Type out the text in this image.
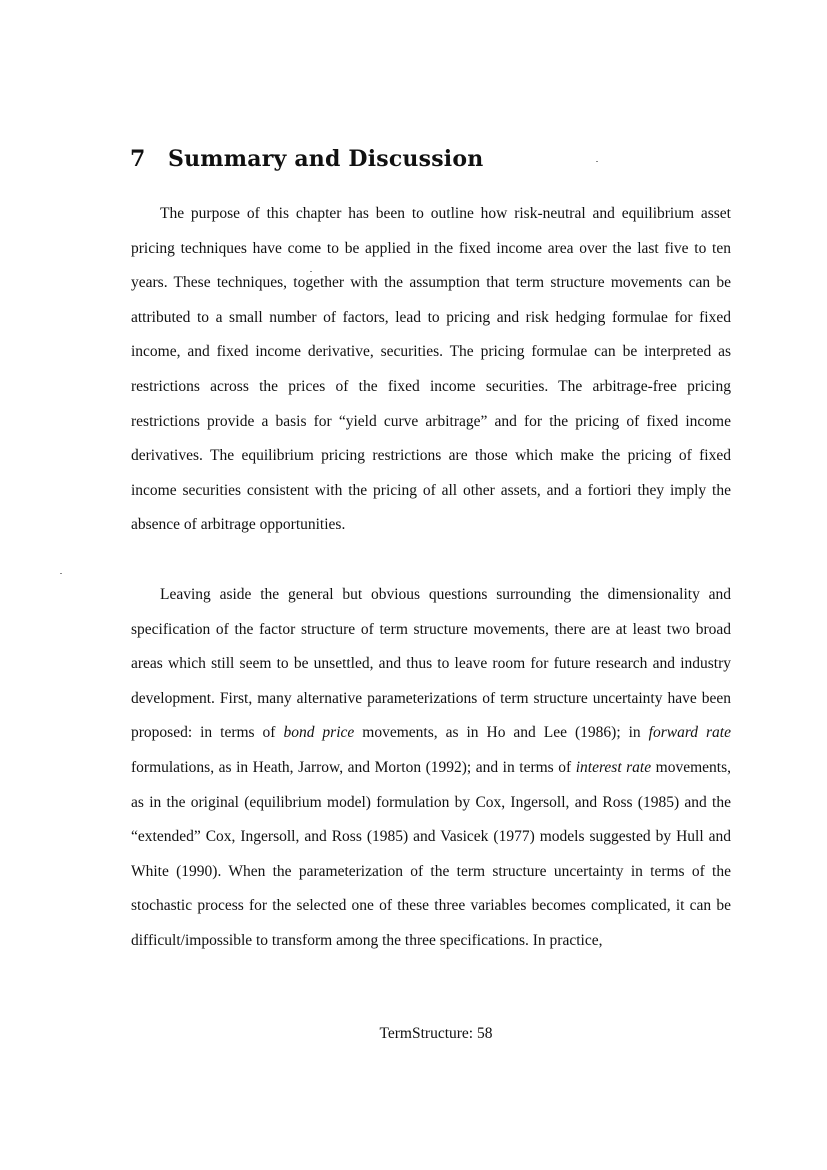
7 Summary and Discussion

The purpose of this chapter has been to outline how risk-neutral and equilibrium asset pricing techniques have come to be applied in the fixed income area over the last five to ten years. These techniques, together with the assumption that term structure movements can be attributed to a small number of factors, lead to pricing and risk hedging formulae for fixed income, and fixed income derivative, securities. The pricing formulae can be interpreted as restrictions across the prices of the fixed income securities. The arbitrage-free pricing restrictions provide a basis for “yield curve arbitrage” and for the pricing of fixed income derivatives. The equilibrium pricing restrictions are those which make the pricing of fixed income securities consistent with the pricing of all other assets, and a fortiori they imply the absence of arbitrage opportunities.

Leaving aside the general but obvious questions surrounding the dimensionality and specification of the factor structure of term structure movements, there are at least two broad areas which still seem to be unsettled, and thus to leave room for future research and industry development. First, many alternative parameterizations of term structure uncertainty have been proposed: in terms of bond price movements, as in Ho and Lee (1986); in forward rate formulations, as in Heath, Jarrow, and Morton (1992); and in terms of interest rate movements, as in the original (equilibrium model) formulation by Cox, Ingersoll, and Ross (1985) and the “extended” Cox, Ingersoll, and Ross (1985) and Vasicek (1977) models suggested by Hull and White (1990). When the parameterization of the term structure uncertainty in terms of the stochastic process for the selected one of these three variables becomes complicated, it can be difficult/impossible to transform among the three specifications. In practice,

TermStructure: 58
